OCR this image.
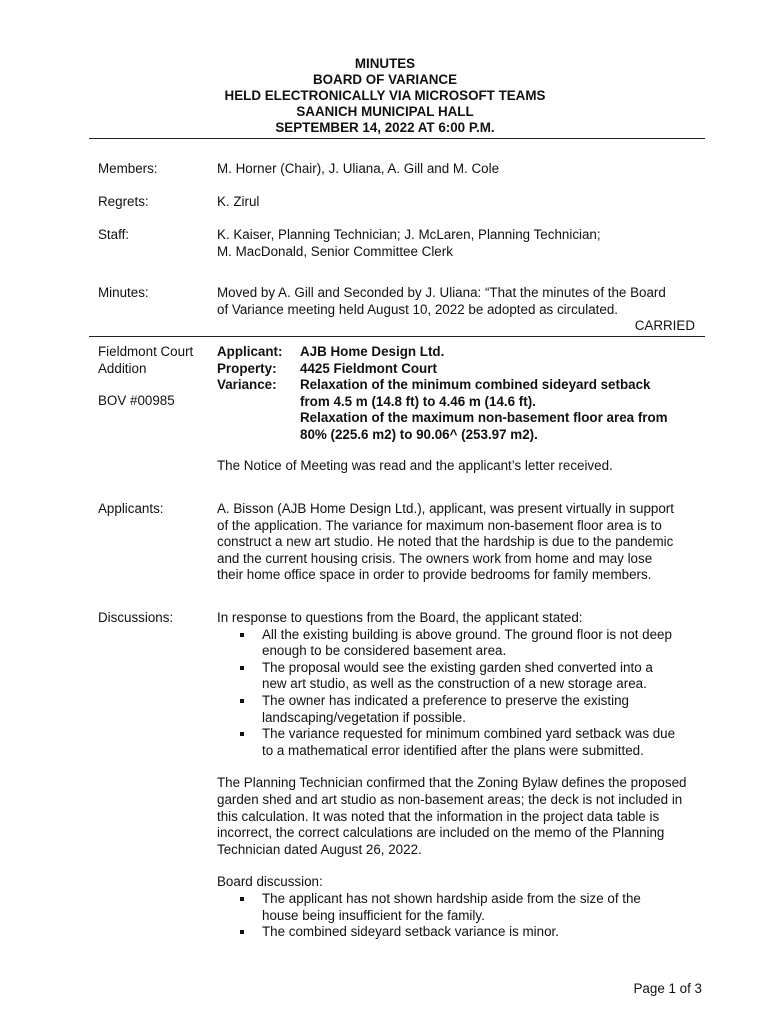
MINUTES
BOARD OF VARIANCE
HELD ELECTRONICALLY VIA MICROSOFT TEAMS
SAANICH MUNICIPAL HALL
SEPTEMBER 14, 2022 AT 6:00 P.M.
Members:	M. Horner (Chair), J. Uliana, A. Gill and M. Cole
Regrets:	K. Zirul
Staff:	K. Kaiser, Planning Technician; J. McLaren, Planning Technician;
M. MacDonald, Senior Committee Clerk
Minutes:	Moved by A. Gill and Seconded by J. Uliana: “That the minutes of the Board
of Variance meeting held August 10, 2022 be adopted as circulated.
CARRIED
Fieldmont Court
Addition
BOV #00985
Applicant:	AJB Home Design Ltd.
Property:	4425 Fieldmont Court
Variance:	Relaxation of the minimum combined sideyard setback
from 4.5 m (14.8 ft) to 4.46 m (14.6 ft).
Relaxation of the maximum non-basement floor area from
80% (225.6 m2) to 90.06^ (253.97 m2).
The Notice of Meeting was read and the applicant’s letter received.
Applicants:	A. Bisson (AJB Home Design Ltd.), applicant, was present virtually in support
of the application. The variance for maximum non-basement floor area is to
construct a new art studio. He noted that the hardship is due to the pandemic
and the current housing crisis. The owners work from home and may lose
their home office space in order to provide bedrooms for family members.
Discussions:	In response to questions from the Board, the applicant stated:
All the existing building is above ground. The ground floor is not deep
enough to be considered basement area.
The proposal would see the existing garden shed converted into a
new art studio, as well as the construction of a new storage area.
The owner has indicated a preference to preserve the existing
landscaping/vegetation if possible.
The variance requested for minimum combined yard setback was due
to a mathematical error identified after the plans were submitted.
The Planning Technician confirmed that the Zoning Bylaw defines the proposed
garden shed and art studio as non-basement areas; the deck is not included in
this calculation. It was noted that the information in the project data table is
incorrect, the correct calculations are included on the memo of the Planning
Technician dated August 26, 2022.
Board discussion:
The applicant has not shown hardship aside from the size of the
house being insufficient for the family.
The combined sideyard setback variance is minor.
Page 1 of 3
